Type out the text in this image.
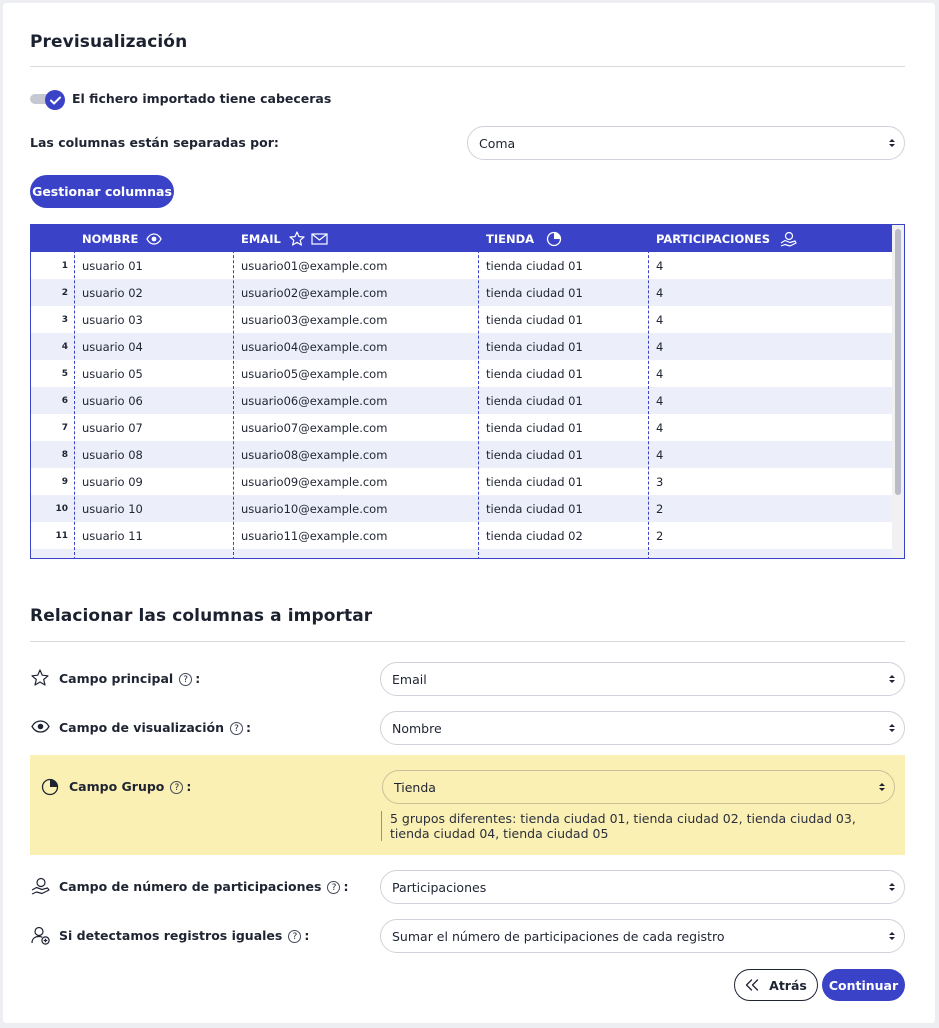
Previsualización
El fichero importado tiene cabeceras
Las columnas están separadas por:	Coma
Gestionar columnas
NOMBRE	EMAIL	TIENDA	PARTICIPACIONES
1	usuario 01	usuario01@example.com	tienda ciudad 01	4
2	usuario 02	usuario02@example.com	tienda ciudad 01	4
3	usuario 03	usuario03@example.com	tienda ciudad 01	4
4	usuario 04	usuario04@example.com	tienda ciudad 01	4
5	usuario 05	usuario05@example.com	tienda ciudad 01	4
6	usuario 06	usuario06@example.com	tienda ciudad 01	4
7	usuario 07	usuario07@example.com	tienda ciudad 01	4
8	usuario 08	usuario08@example.com	tienda ciudad 01	4
9	usuario 09	usuario09@example.com	tienda ciudad 01	3
10	usuario 10	usuario10@example.com	tienda ciudad 01	2
11	usuario 11	usuario11@example.com	tienda ciudad 02	2
Relacionar las columnas a importar
Campo principal ? :	Email
Campo de visualización ? :	Nombre
Campo Grupo ? :	Tienda
5 grupos diferentes: tienda ciudad 01, tienda ciudad 02, tienda ciudad 03, tienda ciudad 04, tienda ciudad 05
Campo de número de participaciones ? :	Participaciones
Si detectamos registros iguales ? :	Sumar el número de participaciones de cada registro
Atrás	Continuar
